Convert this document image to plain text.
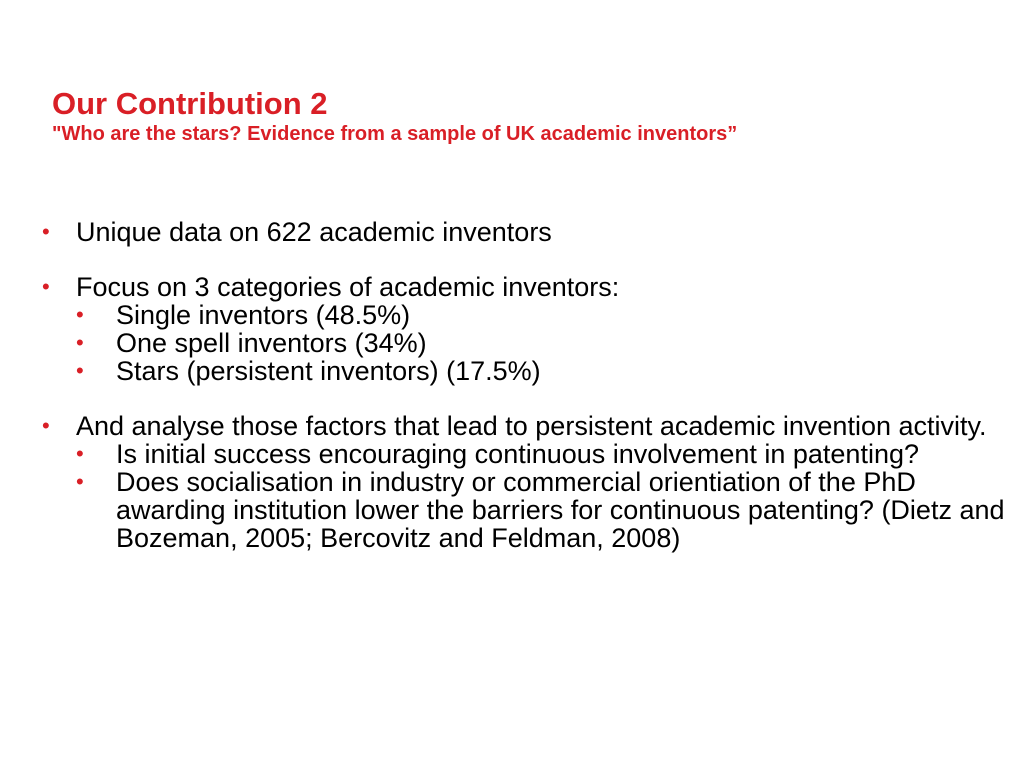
Our Contribution 2
"Who are the stars? Evidence from a sample of UK academic inventors”
• Unique data on 622 academic inventors
• Focus on 3 categories of academic inventors:
• Single inventors (48.5%)
• One spell inventors (34%)
• Stars (persistent inventors) (17.5%)
• And analyse those factors that lead to persistent academic invention activity.
• Is initial success encouraging continuous involvement in patenting?
• Does socialisation in industry or commercial orientiation of the PhD awarding institution lower the barriers for continuous patenting? (Dietz and Bozeman, 2005; Bercovitz and Feldman, 2008)
